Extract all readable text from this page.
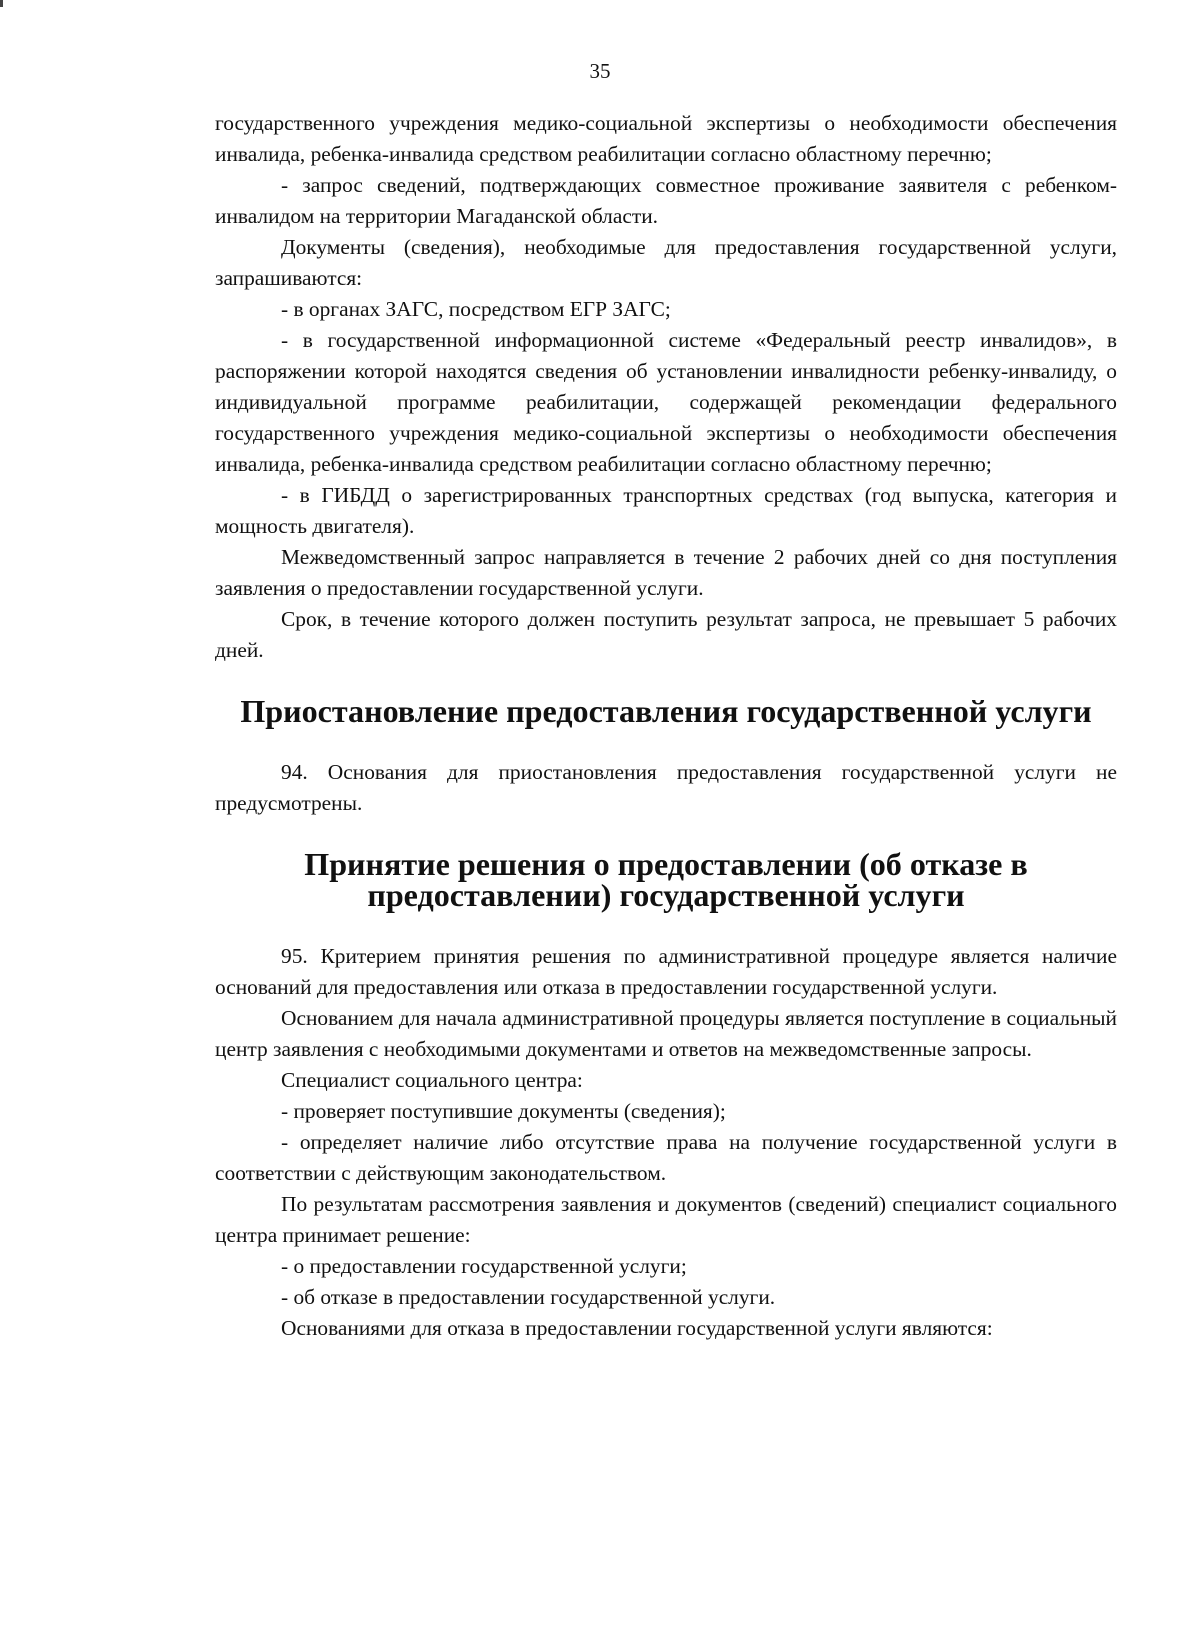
35

государственного учреждения медико-социальной экспертизы о необходимости обеспечения инвалида, ребенка-инвалида средством реабилитации согласно областному перечню;

- запрос сведений, подтверждающих совместное проживание заявителя с ребенком-инвалидом на территории Магаданской области.

Документы (сведения), необходимые для предоставления государственной услуги, запрашиваются:

- в органах ЗАГС, посредством ЕГР ЗАГС;

- в государственной информационной системе «Федеральный реестр инвалидов», в распоряжении которой находятся сведения об установлении инвалидности ребенку-инвалиду, о индивидуальной программе реабилитации, содержащей рекомендации федерального государственного учреждения медико-социальной экспертизы о необходимости обеспечения инвалида, ребенка-инвалида средством реабилитации согласно областному перечню;

- в ГИБДД о зарегистрированных транспортных средствах (год выпуска, категория и мощность двигателя).

Межведомственный запрос направляется в течение 2 рабочих дней со дня поступления заявления о предоставлении государственной услуги.

Срок, в течение которого должен поступить результат запроса, не превышает 5 рабочих дней.

Приостановление предоставления государственной услуги

94. Основания для приостановления предоставления государственной услуги не предусмотрены.

Принятие решения о предоставлении (об отказе в предоставлении) государственной услуги

95. Критерием принятия решения по административной процедуре является наличие оснований для предоставления или отказа в предоставлении государственной услуги.

Основанием для начала административной процедуры является поступление в социальный центр заявления с необходимыми документами и ответов на межведомственные запросы.

Специалист социального центра:

- проверяет поступившие документы (сведения);

- определяет наличие либо отсутствие права на получение государственной услуги в соответствии с действующим законодательством.

По результатам рассмотрения заявления и документов (сведений) специалист социального центра принимает решение:

- о предоставлении государственной услуги;

- об отказе в предоставлении государственной услуги.

Основаниями для отказа в предоставлении государственной услуги являются:
